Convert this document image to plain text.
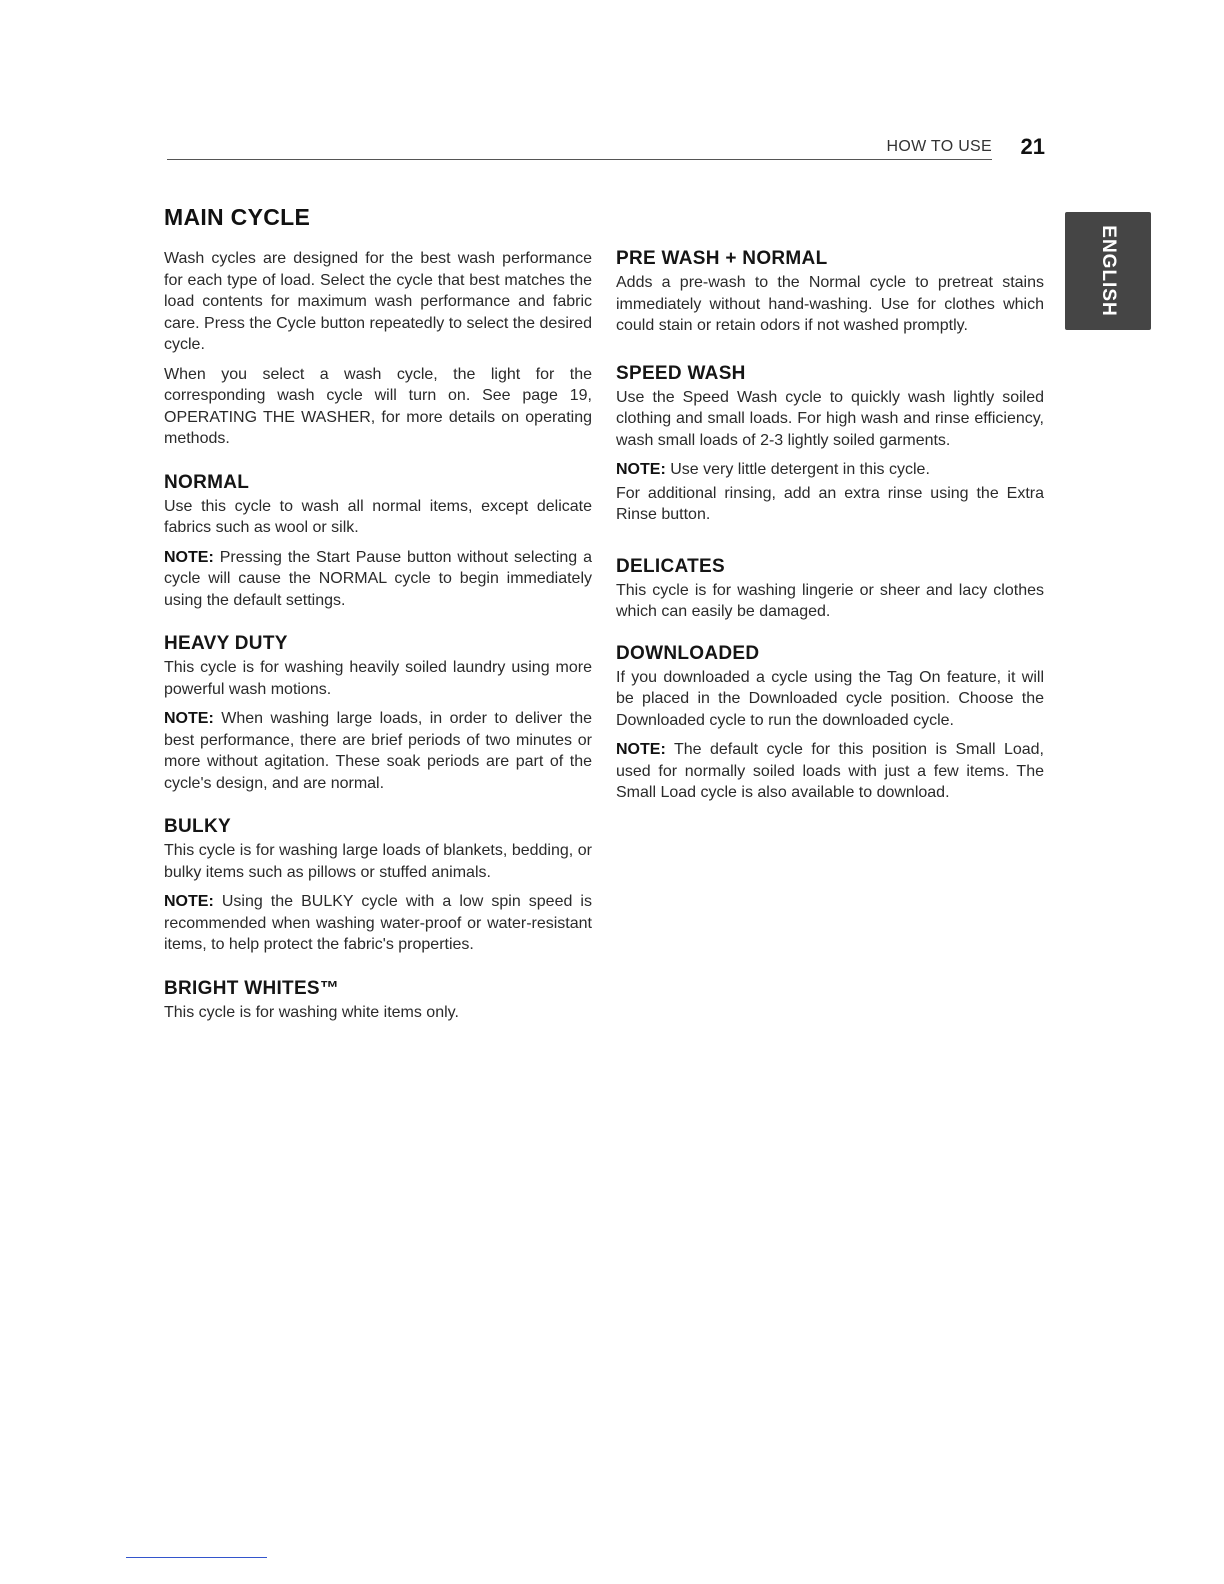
HOW TO USE 21
ENGLISH
MAIN CYCLE

Wash cycles are designed for the best wash performance for each type of load. Select the cycle that best matches the load contents for maximum wash performance and fabric care. Press the Cycle button repeatedly to select the desired cycle.

When you select a wash cycle, the light for the corresponding wash cycle will turn on. See page 19, OPERATING THE WASHER, for more details on operating methods.

NORMAL

Use this cycle to wash all normal items, except delicate fabrics such as wool or silk.

NOTE: Pressing the Start Pause button without selecting a cycle will cause the NORMAL cycle to begin immediately using the default settings.

HEAVY DUTY

This cycle is for washing heavily soiled laundry using more powerful wash motions.

NOTE: When washing large loads, in order to deliver the best performance, there are brief periods of two minutes or more without agitation. These soak periods are part of the cycle's design, and are normal.

BULKY

This cycle is for washing large loads of blankets, bedding, or bulky items such as pillows or stuffed animals.

NOTE: Using the BULKY cycle with a low spin speed is recommended when washing water-proof or water-resistant items, to help protect the fabric's properties.

BRIGHT WHITES™

This cycle is for washing white items only.

PRE WASH + NORMAL

Adds a pre-wash to the Normal cycle to pretreat stains immediately without hand-washing. Use for clothes which could stain or retain odors if not washed promptly.

SPEED WASH

Use the Speed Wash cycle to quickly wash lightly soiled clothing and small loads. For high wash and rinse efficiency, wash small loads of 2-3 lightly soiled garments.

NOTE: Use very little detergent in this cycle.

For additional rinsing, add an extra rinse using the Extra Rinse button.

DELICATES

This cycle is for washing lingerie or sheer and lacy clothes which can easily be damaged.

DOWNLOADED

If you downloaded a cycle using the Tag On feature, it will be placed in the Downloaded cycle position. Choose the Downloaded cycle to run the downloaded cycle.

NOTE: The default cycle for this position is Small Load, used for normally soiled loads with just a few items. The Small Load cycle is also available to download.
